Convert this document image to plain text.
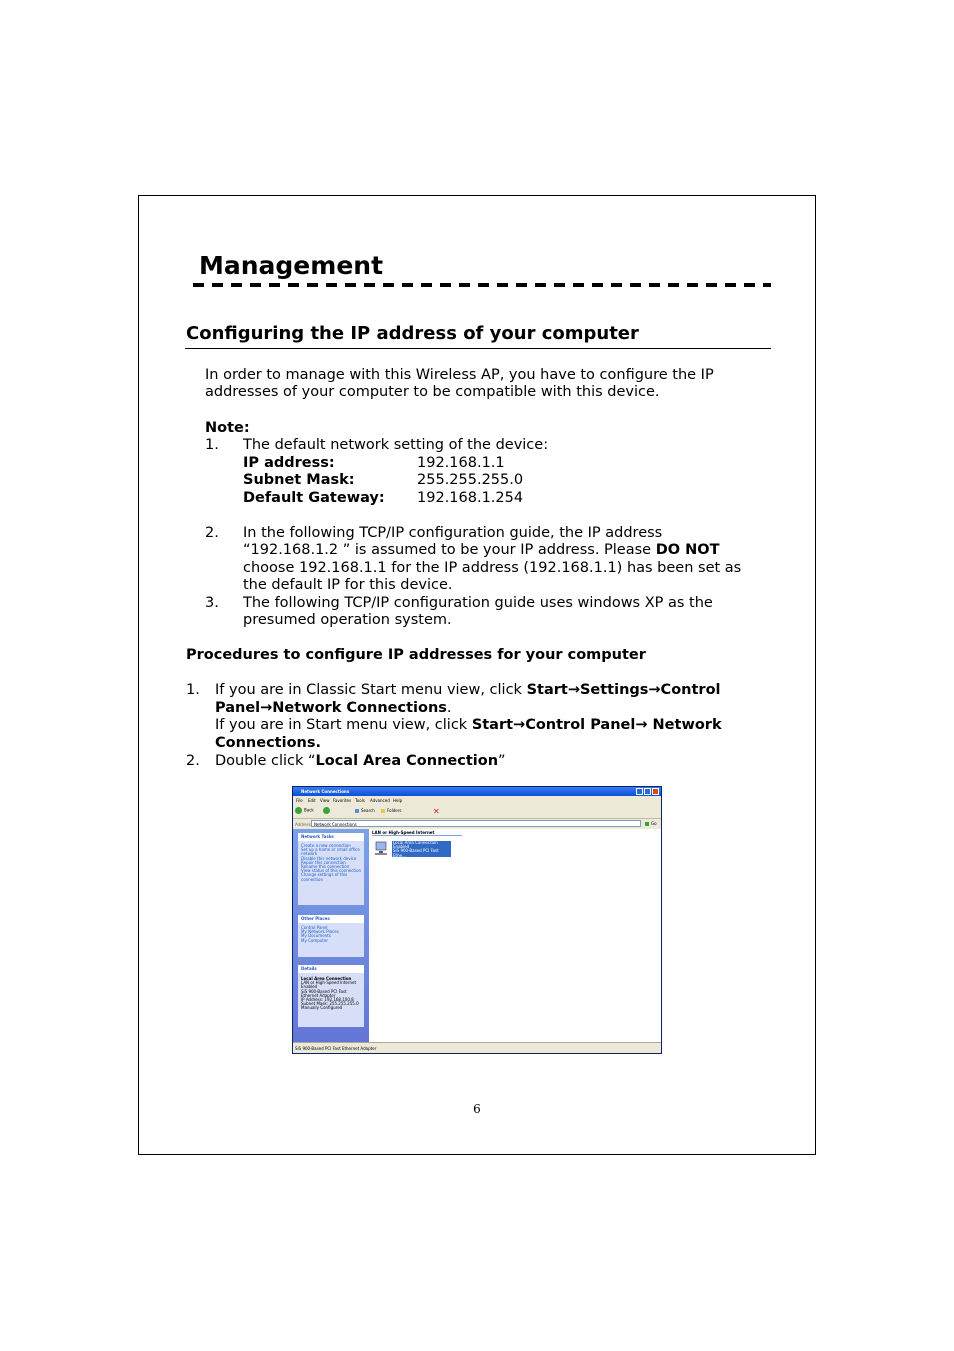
Management
Configuring the IP address of your computer
In order to manage with this Wireless AP, you have to configure the IP
addresses of your computer to be compatible with this device.
Note:
1. The default network setting of the device:
IP address:	192.168.1.1
Subnet Mask:	255.255.255.0
Default Gateway: 192.168.1.254
2. In the following TCP/IP configuration guide, the IP address
“192.168.1.2 ” is assumed to be your IP address. Please DO NOT
choose 192.168.1.1 for the IP address (192.168.1.1) has been set as
the default IP for this device.
3. The following TCP/IP configuration guide uses windows XP as the
presumed operation system.
Procedures to configure IP addresses for your computer
1. If you are in Classic Start menu view, click Start→Settings→Control
Panel→Network Connections.
If you are in Start menu view, click Start→Control Panel→ Network
Connections.
2. Double click “Local Area Connection”
Network Connections
File Edit View Favorites Tools Advanced Help
Back	Search	Folders	✕
Address Network Connections	Go
Network Tasks
Create a new connection
Set up a home or small office network
Disable this network device
Repair this connection
Rename this connection
View status of this connection
Change settings of this connection
Other Places
Control Panel
My Network Places
My Documents
My Computer
Details
Local Area Connection
LAN or High-Speed Internet
Enabled
SiS 900-Based PCI Fast Ethernet Adapter
IP Address: 192.168.100.8
Subnet Mask: 255.255.255.0
Manually Configured
LAN or High-Speed Internet
Local Area Connection
Enabled
SiS 900-Based PCI Fast Ethe...
SiS 900-Based PCI Fast Ethernet Adapter
6
